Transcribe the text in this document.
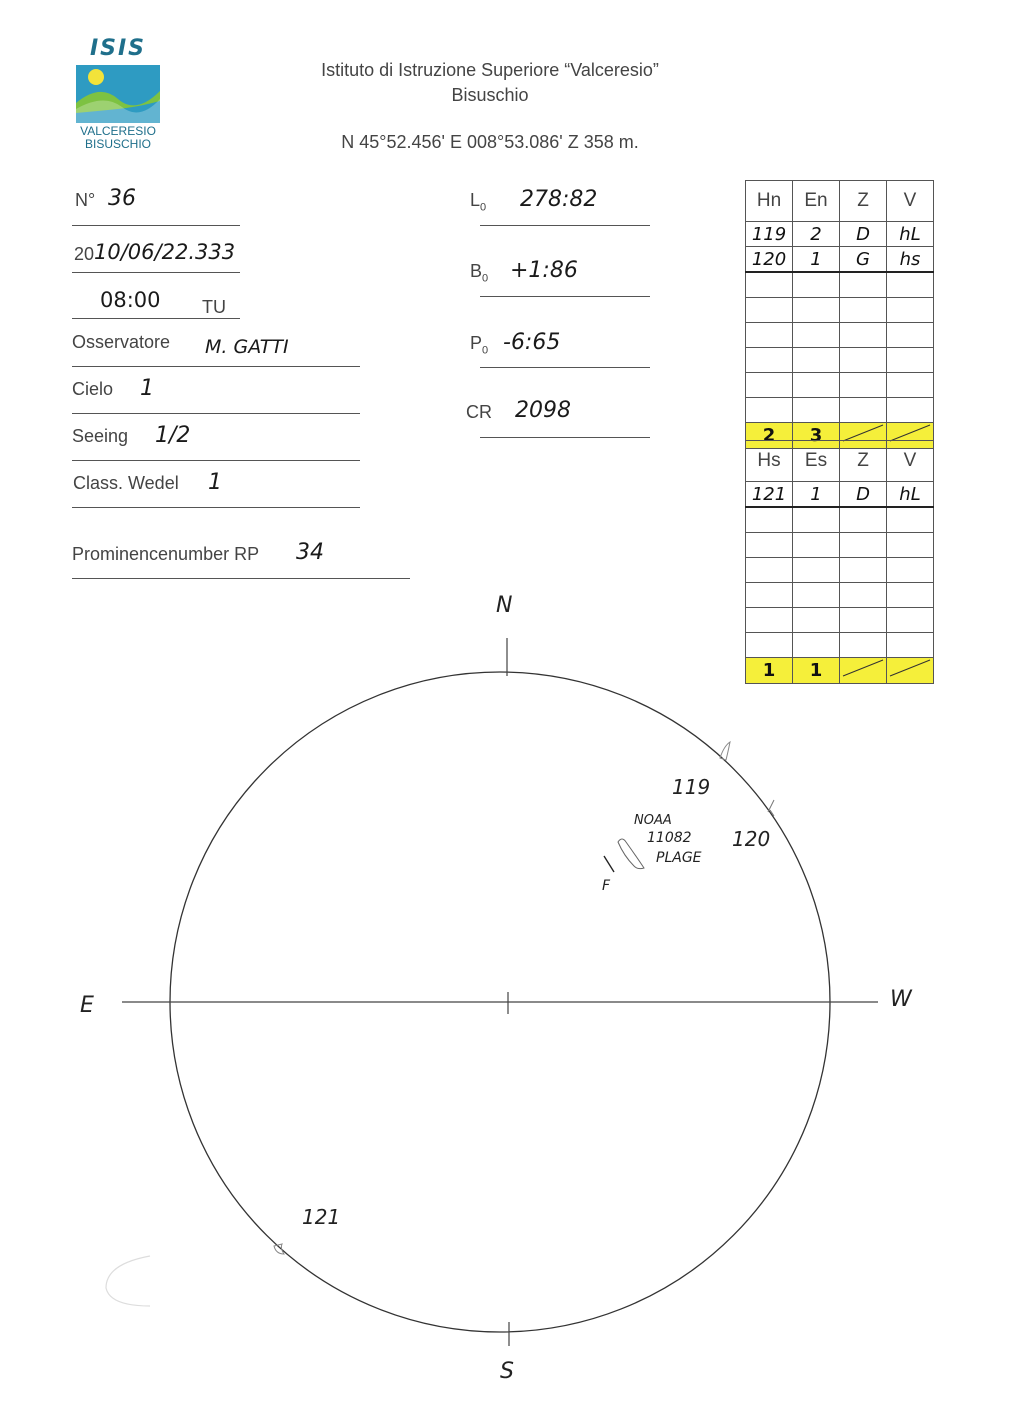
ISIS
VALCERESIO
BISUSCHIO
Istituto di Istruzione Superiore “Valceresio”
Bisuschio
N 45°52.456' E 008°53.086' Z 358 m.
N° 36
20 10/06/22.333
08:00 TU
Osservatore M. GATTI
Cielo 1
Seeing 1/2
Class. Wedel 1
Prominencenumber RP 34
$L_0$ 278:82
$B_0$ +1:86
$P_0$ -6:65
CR 2098
Hn	En	Z	V
119	2	D	hL
120	1	G	hs

2	3		
Hs	Es	Z	V
121	1	D	hL

1	1		
N
S
E	W
119
120
121
NOAA
11082
PLAGE
F
